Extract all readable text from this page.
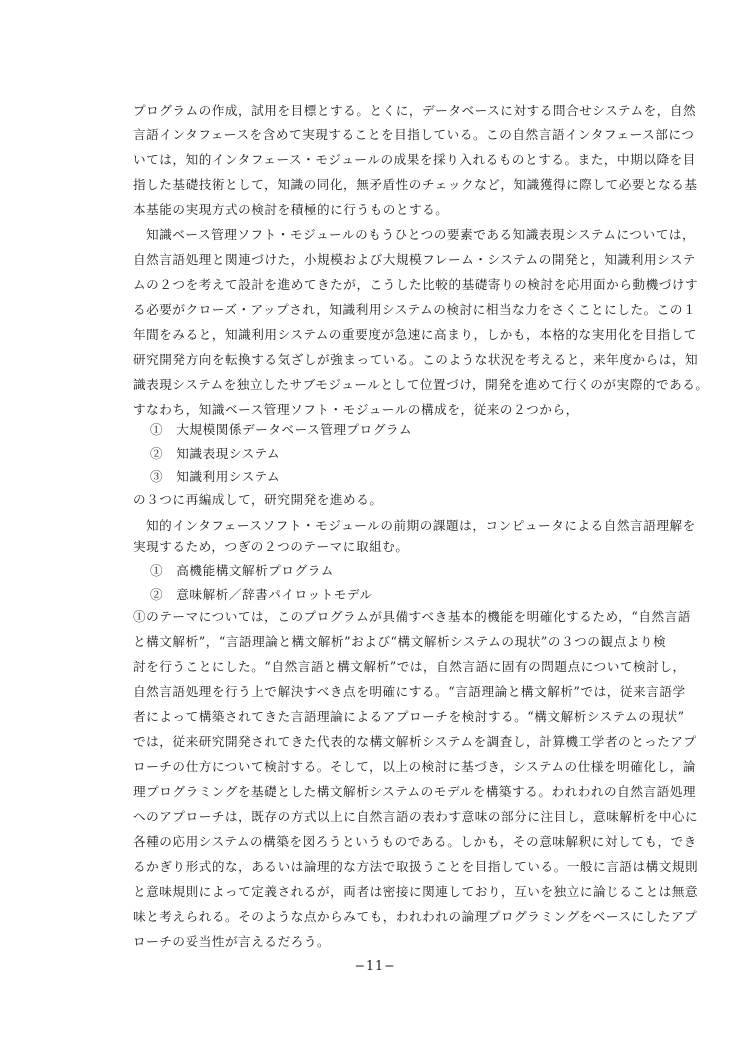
プログラムの作成，試用を目標とする。とくに，データベースに対する問合せシステムを，自然
言語インタフェースを含めて実現することを目指している。この自然言語インタフェース部につ
いては，知的インタフェース・モジュールの成果を採り入れるものとする。また，中期以降を目
指した基礎技術として，知識の同化，無矛盾性のチェックなど，知識獲得に際して必要となる基
本基能の実現方式の検討を積極的に行うものとする。
知識ベース管理ソフト・モジュールのもうひとつの要素である知識表現システムについては，
自然言語処理と関連づけた，小規模および大規模フレーム・システムの開発と，知識利用システ
ムの２つを考えて設計を進めてきたが，こうした比較的基礎寄りの検討を応用面から動機づけす
る必要がクローズ・アップされ，知識利用システムの検討に相当な力をさくことにした。この１
年間をみると，知識利用システムの重要度が急速に高まり，しかも，本格的な実用化を目指して
研究開発方向を転換する気ざしが強まっている。このような状況を考えると，来年度からは，知
識表現システムを独立したサブモジュールとして位置づけ，開発を進めて行くのが実際的である。
すなわち，知識ベース管理ソフト・モジュールの構成を，従来の２つから，
①　大規模関係データベース管理プログラム
②　知識表現システム
③　知識利用システム
の３つに再編成して，研究開発を進める。
知的インタフェースソフト・モジュールの前期の課題は，コンピュータによる自然言語理解を
実現するため，つぎの２つのテーマに取組む。
①　高機能構文解析プログラム
②　意味解析／辞書パイロットモデル
①のテーマについては，このプログラムが具備すべき基本的機能を明確化するため，“自然言語
と構文解析”，“言語理論と構文解析”および“構文解析システムの現状”の３つの観点より検
討を行うことにした。“自然言語と構文解析”では，自然言語に固有の問題点について検討し，
自然言語処理を行う上で解決すべき点を明確にする。“言語理論と構文解析”では，従来言語学
者によって構築されてきた言語理論によるアプローチを検討する。“構文解析システムの現状”
では，従来研究開発されてきた代表的な構文解析システムを調査し，計算機工学者のとったアプ
ローチの仕方について検討する。そして，以上の検討に基づき，システムの仕様を明確化し，論
理プログラミングを基礎とした構文解析システムのモデルを構築する。われわれの自然言語処理
へのアプローチは，既存の方式以上に自然言語の表わす意味の部分に注目し，意味解析を中心に
各種の応用システムの構築を図ろうというものである。しかも，その意味解釈に対しても，でき
るかぎり形式的な，あるいは論理的な方法で取扱うことを目指している。一般に言語は構文規則
と意味規則によって定義されるが，両者は密接に関連しており，互いを独立に論じることは無意
味と考えられる。そのような点からみても，われわれの論理プログラミングをベースにしたアプ
ローチの妥当性が言えるだろう。
−11−
